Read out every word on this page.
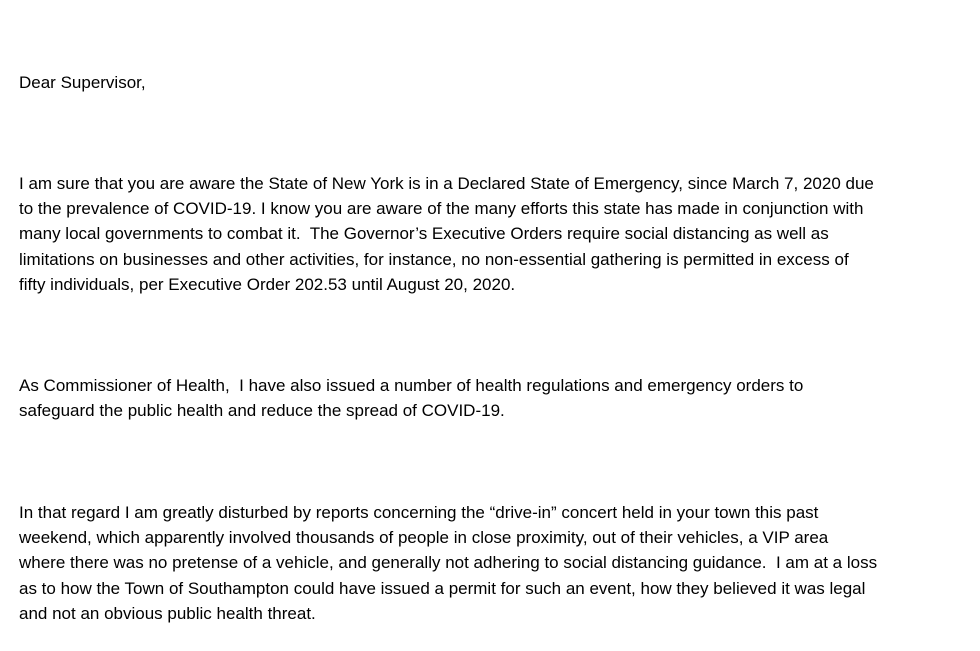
Dear Supervisor,

I am sure that you are aware the State of New York is in a Declared State of Emergency, since March 7, 2020 due
to the prevalence of COVID-19. I know you are aware of the many efforts this state has made in conjunction with
many local governments to combat it.  The Governor’s Executive Orders require social distancing as well as
limitations on businesses and other activities, for instance, no non-essential gathering is permitted in excess of
fifty individuals, per Executive Order 202.53 until August 20, 2020.

As Commissioner of Health,  I have also issued a number of health regulations and emergency orders to
safeguard the public health and reduce the spread of COVID-19.

In that regard I am greatly disturbed by reports concerning the “drive-in” concert held in your town this past
weekend, which apparently involved thousands of people in close proximity, out of their vehicles, a VIP area
where there was no pretense of a vehicle, and generally not adhering to social distancing guidance.  I am at a loss
as to how the Town of Southampton could have issued a permit for such an event, how they believed it was legal
and not an obvious public health threat.
